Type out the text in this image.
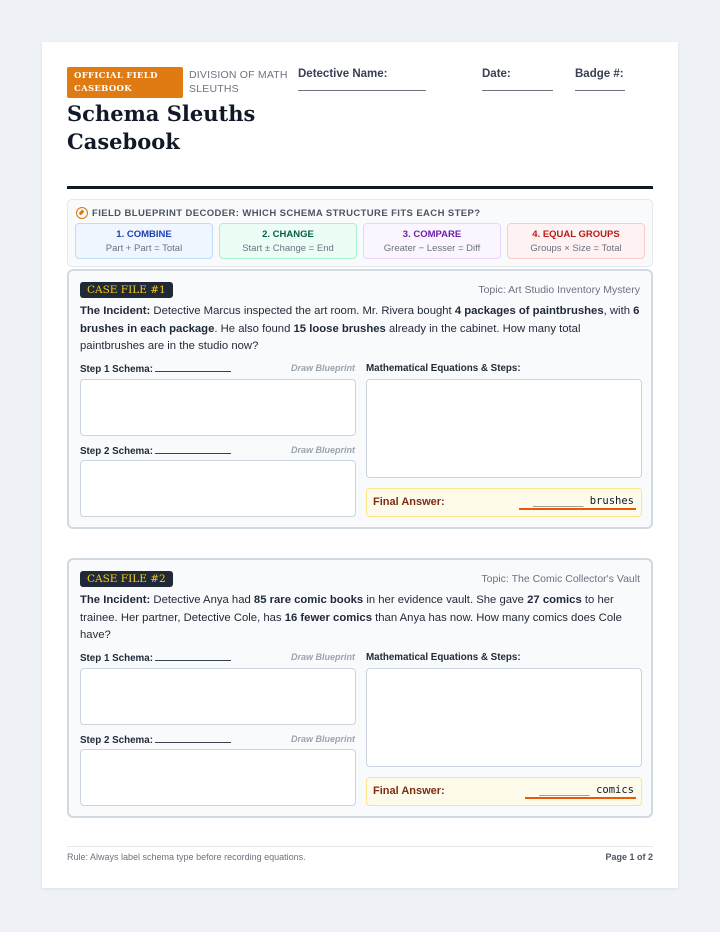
OFFICIAL FIELD CASEBOOK
DIVISION OF MATH SLEUTHS
Schema Sleuths Casebook
Detective Name:	Date:	Badge #:
FIELD BLUEPRINT DECODER: WHICH SCHEMA STRUCTURE FITS EACH STEP?
1. COMBINE
Part + Part = Total
2. CHANGE
Start ± Change = End
3. COMPARE
Greater − Lesser = Diff
4. EQUAL GROUPS
Groups × Size = Total
CASE FILE #1	Topic: Art Studio Inventory Mystery
The Incident: Detective Marcus inspected the art room. Mr. Rivera bought 4 packages of paintbrushes, with 6 brushes in each package. He also found 15 loose brushes already in the cabinet. How many total paintbrushes are in the studio now?
Step 1 Schema:	Draw Blueprint
Step 2 Schema:	Draw Blueprint
Mathematical Equations & Steps:
Final Answer:	________ brushes
CASE FILE #2	Topic: The Comic Collector's Vault
The Incident: Detective Anya had 85 rare comic books in her evidence vault. She gave 27 comics to her trainee. Her partner, Detective Cole, has 16 fewer comics than Anya has now. How many comics does Cole have?
Step 1 Schema:	Draw Blueprint
Step 2 Schema:	Draw Blueprint
Mathematical Equations & Steps:
Final Answer:	________ comics
Rule: Always label schema type before recording equations.	Page 1 of 2
